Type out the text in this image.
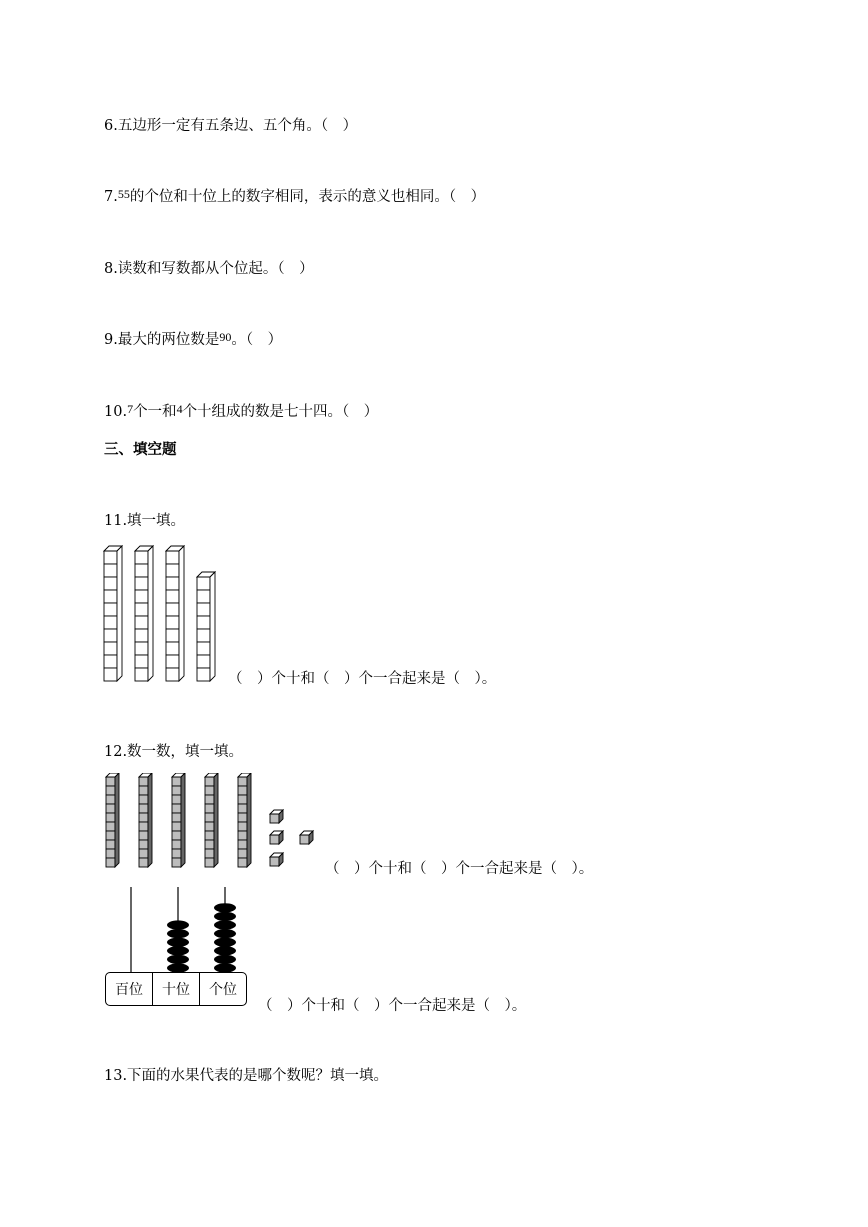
6.五边形一定有五条边、五个角。（　）
7.55的个位和十位上的数字相同，表示的意义也相同。（　）
8.读数和写数都从个位起。（　）
9.最大的两位数是$^{90}$。（　）
10.$^7$个一和$^4$个十组成的数是七十四。（　）
三、填空题
11.填一填。
（　）个十和（　）个一合起来是（　）。
12.数一数，填一填。
（　）个十和（　）个一合起来是（　）。
百位	十位	个位
（　）个十和（　）个一合起来是（　）。
13.下面的水果代表的是哪个数呢？填一填。
